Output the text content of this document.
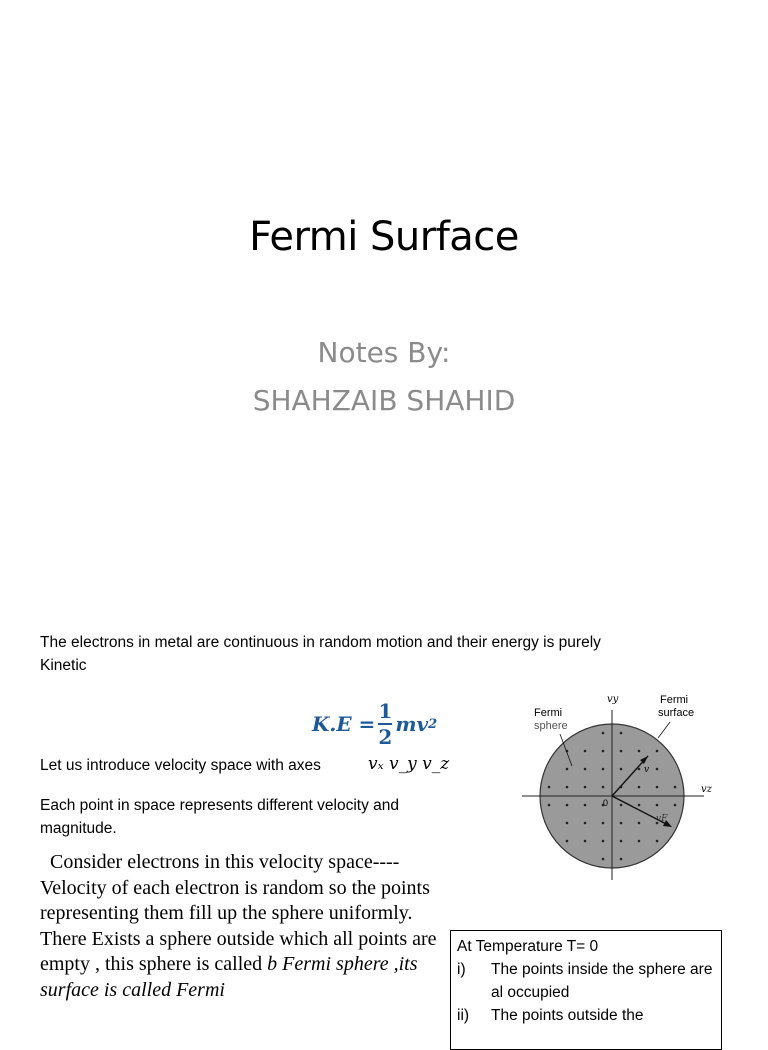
Fermi Surface
Notes By:
SHAHZAIB SHAHID
The electrons in metal are continuous in random motion and their energy is purely Kinetic
$K.E = \frac{1}{2}$ mv 2
Let us introduce velocity space with axes	vₓ v_y v_z
Each point in space represents different velocity and magnitude.
Consider electrons in this velocity space---- Velocity of each electron is random so the points representing them fill up the sphere uniformly.
There Exists a sphere outside which all points are empty , this sphere is called b Fermi sphere ,its surface is called Fermi
Fermi
sphere
Fermi
surface
vy
vz
0
v
vF
At Temperature T= 0
i)	The points inside the sphere are al occupied
ii)	The points outside the
